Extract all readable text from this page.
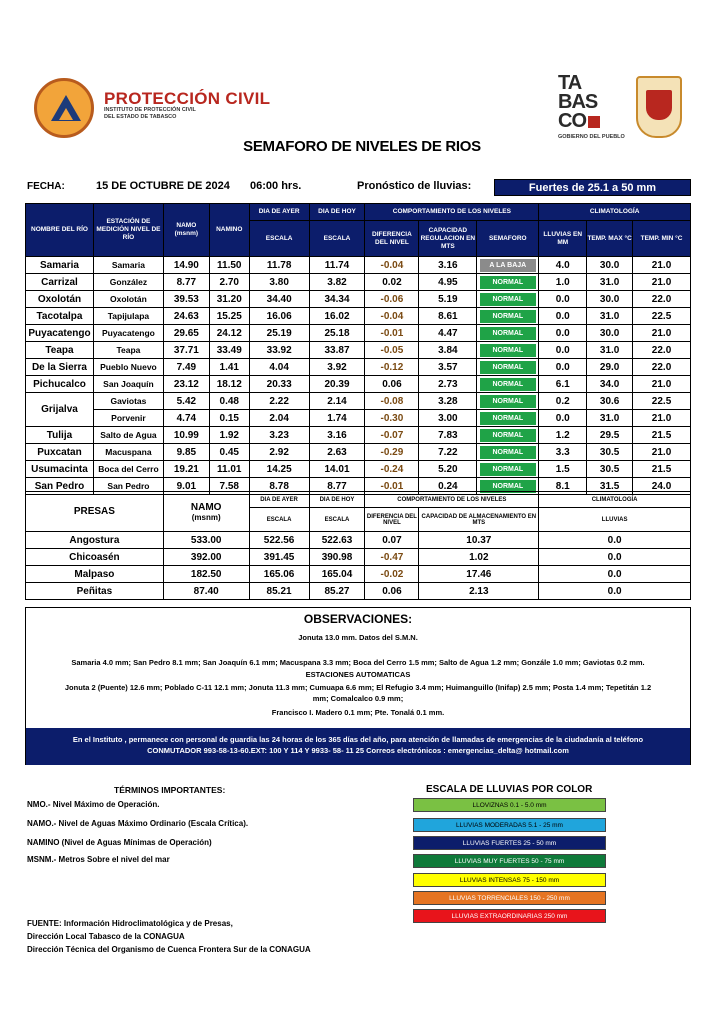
PROTECCIÓN CIVIL
INSTITUTO DE PROTECCIÓN CIVIL
DEL ESTADO DE TABASCO
TA
BAS
CO
GOBIERNO DEL PUEBLO
SEMAFORO DE NIVELES DE RIOS
FECHA:	15 DE OCTUBRE DE 2024 06:00 hrs.	Pronóstico de lluvias:	Fuertes de 25.1 a 50 mm
NOMBRE DEL RÍO	ESTACIÓN DE MEDICIÓN NIVEL DE RÍO	NAMO (msnm)	NAMINO	DIA DE AYER	DIA DE HOY	COMPORTAMIENTO DE LOS NIVELES			CLIMATOLOGÍA		
				ESCALA	ESCALA	DIFERENCIA DEL NIVEL	CAPACIDAD REGULACION EN MTS	SEMAFORO	LLUVIAS EN MM	TEMP. MAX °C	TEMP. MIN °C
Samaria	Samaria	14.90	11.50	11.78	11.74	-0.04	3.16	A LA BAJA	4.0	30.0	21.0
Carrizal	González	8.77	2.70	3.80	3.82	0.02	4.95	NORMAL	1.0	31.0	21.0
Oxolotán	Oxolotán	39.53	31.20	34.40	34.34	-0.06	5.19	NORMAL	0.0	30.0	22.0
Tacotalpa	Tapijulapa	24.63	15.25	16.06	16.02	-0.04	8.61	NORMAL	0.0	31.0	22.5
Puyacatengo	Puyacatengo	29.65	24.12	25.19	25.18	-0.01	4.47	NORMAL	0.0	30.0	21.0
Teapa	Teapa	37.71	33.49	33.92	33.87	-0.05	3.84	NORMAL	0.0	31.0	22.0
De la Sierra	Pueblo Nuevo	7.49	1.41	4.04	3.92	-0.12	3.57	NORMAL	0.0	29.0	22.0
Pichucalco	San Joaquín	23.12	18.12	20.33	20.39	0.06	2.73	NORMAL	6.1	34.0	21.0
Grijalva	Gaviotas	5.42	0.48	2.22	2.14	-0.08	3.28	NORMAL	0.2	30.6	22.5
	Porvenir	4.74	0.15	2.04	1.74	-0.30	3.00	NORMAL	0.0	31.0	21.0
Tulija	Salto de Agua	10.99	1.92	3.23	3.16	-0.07	7.83	NORMAL	1.2	29.5	21.5
Puxcatan	Macuspana	9.85	0.45	2.92	2.63	-0.29	7.22	NORMAL	3.3	30.5	21.0
Usumacinta	Boca del Cerro	19.21	11.01	14.25	14.01	-0.24	5.20	NORMAL	1.5	30.5	21.5
San Pedro	San Pedro	9.01	7.58	8.78	8.77	-0.01	0.24	NORMAL	8.1	31.5	24.0
PRESAS	NAMO
(msnm)	DIA DE AYER	DIA DE HOY	COMPORTAMIENTO DE LOS NIVELES		CLIMATOLOGÍA
		ESCALA	ESCALA	DIFERENCIA DEL NIVEL	CAPACIDAD DE ALMACENAMIENTO EN MTS	LLUVIAS
Angostura	533.00	522.56	522.63	0.07	10.37	0.0
Chicoasén	392.00	391.45	390.98	-0.47	1.02	0.0
Malpaso	182.50	165.06	165.04	-0.02	17.46	0.0
Peñitas	87.40	85.21	85.27	0.06	2.13	0.0
OBSERVACIONES:
Jonuta 13.0 mm. Datos del S.M.N.
Samaria 4.0 mm; San Pedro 8.1 mm; San Joaquín 6.1 mm; Macuspana 3.3 mm; Boca del Cerro 1.5 mm; Salto de Agua 1.2 mm; Gonzále 1.0 mm; Gaviotas 0.2 mm.
ESTACIONES AUTOMATICAS
Jonuta 2 (Puente) 12.6 mm; Poblado C-11 12.1 mm; Jonuta 11.3 mm; Cumuapa 6.6 mm; El Refugio 3.4 mm; Huimanguillo (Inifap) 2.5 mm; Posta 1.4 mm; Tepetitán 1.2
mm; Comalcalco 0.9 mm;
Francisco I. Madero 0.1 mm; Pte. Tonalá 0.1 mm.
En el Instituto , permanece con personal de guardia las 24 horas de los 365 días del año, para atención de llamadas de emergencias de la ciudadanía al teléfono
CONMUTADOR 993-58-13-60.EXT: 100 Y 114 Y 9933- 58- 11 25 Correos electrónicos : emergencias_delta@ hotmail.com
TÉRMINOS IMPORTANTES:
NMO.- Nivel Máximo de Operación.
NAMO.- Nivel de Aguas Máximo Ordinario (Escala Crítica).
NAMINO (Nivel de Aguas Mínimas de Operación)
MSNM.- Metros Sobre el nivel del mar
ESCALA DE LLUVIAS POR COLOR
LLOVIZNAS 0.1 - 5.0 mm
LLUVIAS MODERADAS 5.1 - 25 mm
LLUVIAS FUERTES 25 - 50 mm
LLUVIAS MUY FUERTES 50 - 75 mm
LLUVIAS INTENSAS 75 - 150 mm
LLUVIAS TORRENCIALES 150 - 250 mm
LLUVIAS EXTRAORDINARIAS 250 mm
FUENTE: Información Hidroclimatológica y de Presas,
Dirección Local Tabasco de la CONAGUA
Dirección Técnica del Organismo de Cuenca Frontera Sur de la CONAGUA
